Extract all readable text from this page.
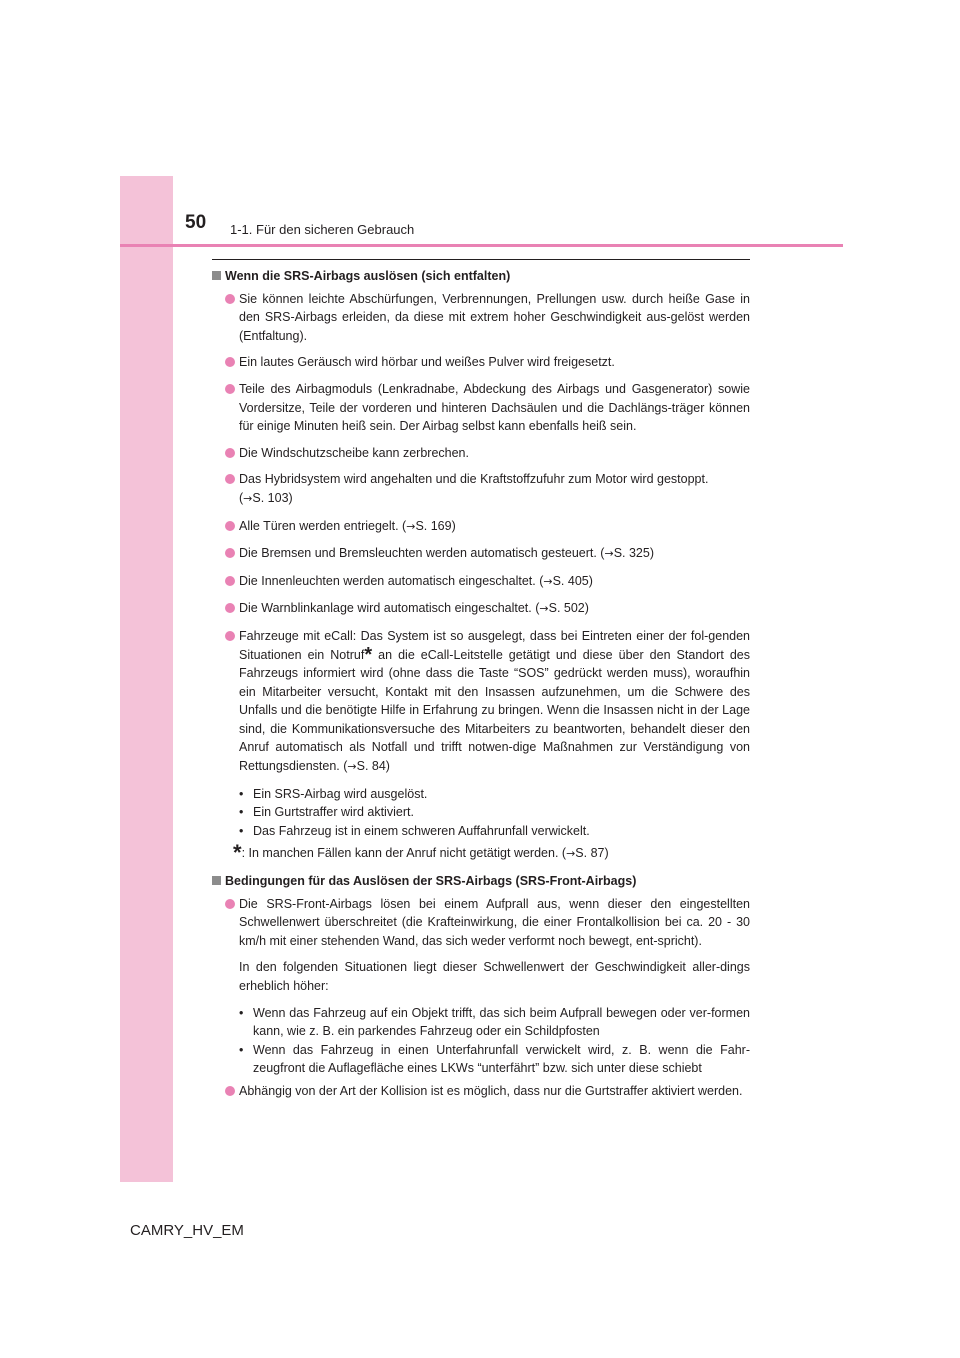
50 1-1. Für den sicheren Gebrauch
Wenn die SRS-Airbags auslösen (sich entfalten)
Sie können leichte Abschürfungen, Verbrennungen, Prellungen usw. durch heiße Gase in den SRS-Airbags erleiden, da diese mit extrem hoher Geschwindigkeit aus-gelöst werden (Entfaltung).
Ein lautes Geräusch wird hörbar und weißes Pulver wird freigesetzt.
Teile des Airbagmoduls (Lenkradnabe, Abdeckung des Airbags und Gasgenerator) sowie Vordersitze, Teile der vorderen und hinteren Dachsäulen und die Dachlängs-träger können für einige Minuten heiß sein. Der Airbag selbst kann ebenfalls heiß sein.
Die Windschutzscheibe kann zerbrechen.
Das Hybridsystem wird angehalten und die Kraftstoffzufuhr zum Motor wird gestoppt.
(→S. 103)
Alle Türen werden entriegelt. (→S. 169)
Die Bremsen und Bremsleuchten werden automatisch gesteuert. (→S. 325)
Die Innenleuchten werden automatisch eingeschaltet. (→S. 405)
Die Warnblinkanlage wird automatisch eingeschaltet. (→S. 502)
Fahrzeuge mit eCall: Das System ist so ausgelegt, dass bei Eintreten einer der fol-genden Situationen ein Notruf* an die eCall-Leitstelle getätigt und diese über den Standort des Fahrzeugs informiert wird (ohne dass die Taste “SOS” gedrückt werden muss), woraufhin ein Mitarbeiter versucht, Kontakt mit den Insassen aufzunehmen, um die Schwere des Unfalls und die benötigte Hilfe in Erfahrung zu bringen. Wenn die Insassen nicht in der Lage sind, die Kommunikationsversuche des Mitarbeiters zu beantworten, behandelt dieser den Anruf automatisch als Notfall und trifft notwen-dige Maßnahmen zur Verständigung von Rettungsdiensten. (→S. 84)
• Ein SRS-Airbag wird ausgelöst.
• Ein Gurtstraffer wird aktiviert.
• Das Fahrzeug ist in einem schweren Auffahrunfall verwickelt.
*: In manchen Fällen kann der Anruf nicht getätigt werden. (→S. 87)
Bedingungen für das Auslösen der SRS-Airbags (SRS-Front-Airbags)
Die SRS-Front-Airbags lösen bei einem Aufprall aus, wenn dieser den eingestellten Schwellenwert überschreitet (die Krafteinwirkung, die einer Frontalkollision bei ca. 20 - 30 km/h mit einer stehenden Wand, das sich weder verformt noch bewegt, ent-spricht).
In den folgenden Situationen liegt dieser Schwellenwert der Geschwindigkeit aller-dings erheblich höher:
• Wenn das Fahrzeug auf ein Objekt trifft, das sich beim Aufprall bewegen oder ver-formen kann, wie z. B. ein parkendes Fahrzeug oder ein Schildpfosten
• Wenn das Fahrzeug in einen Unterfahrunfall verwickelt wird, z. B. wenn die Fahr-zeugfront die Auflagefläche eines LKWs “unterfährt” bzw. sich unter diese schiebt
Abhängig von der Art der Kollision ist es möglich, dass nur die Gurtstraffer aktiviert werden.
CAMRY_HV_EM
